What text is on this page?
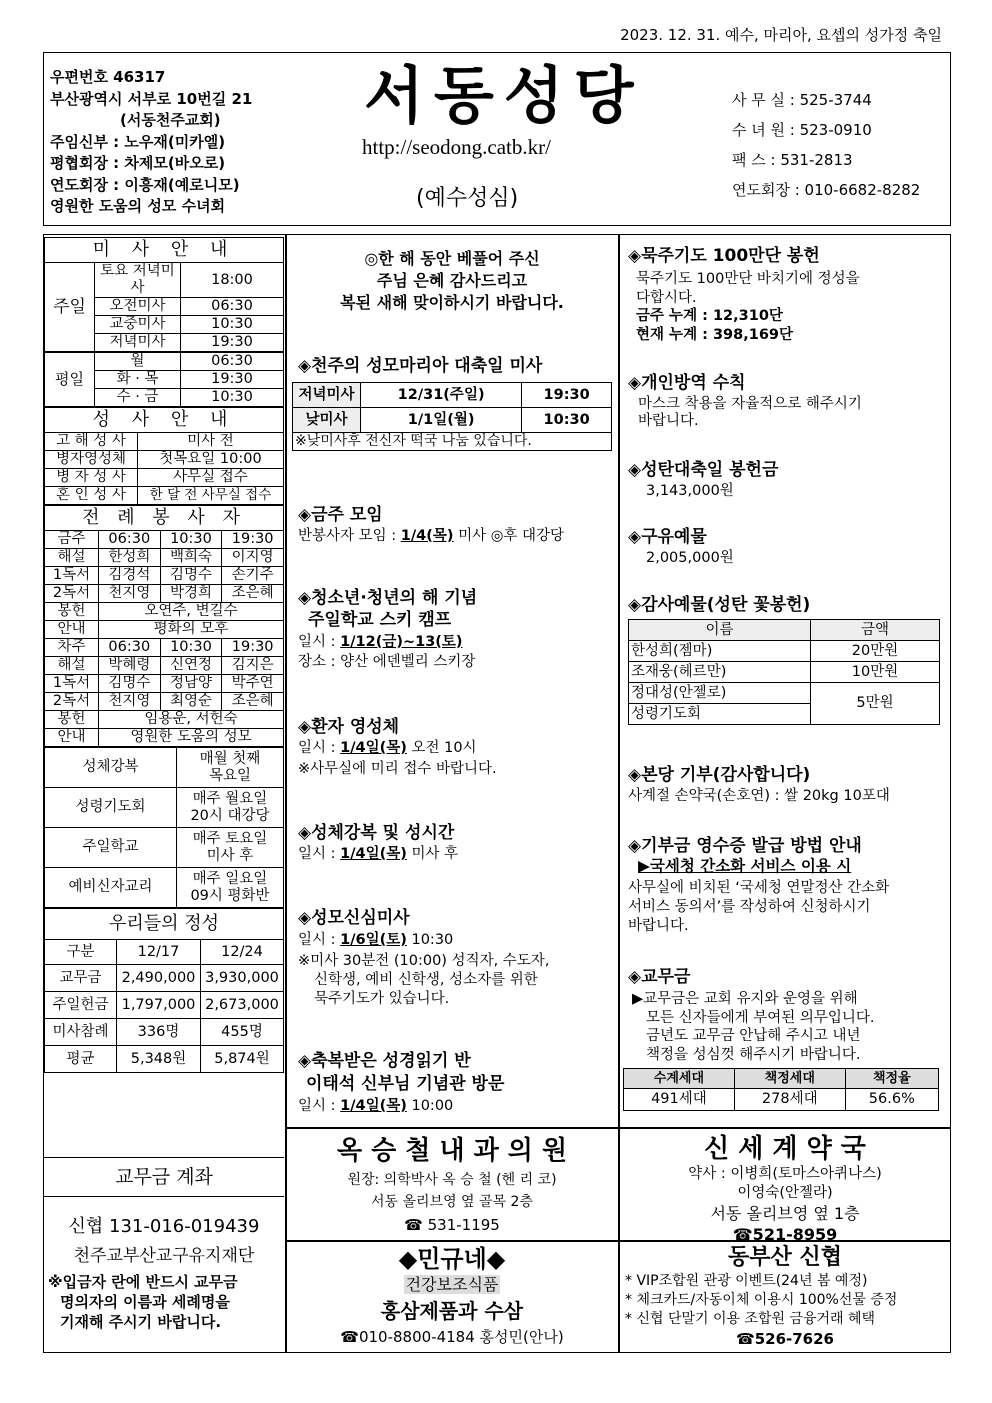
2023. 12. 31. 예수, 마리아, 요셉의 성가정 축일
우편번호 46317
부산광역시 서부로 10번길 21
(서동천주교회)
주임신부 : 노우재(미카엘)
평협회장 : 차제모(바오로)
연도회장 : 이흥재(예로니모)
영원한 도움의 성모 수녀회
서동성당
http://seodong.catb.kr/
(예수성심)
사 무 실 : 525-3744
수 녀 원 : 523-0910
팩 스 : 531-2813
연도회장 : 010-6682-8282
미 사 안 내		
주일	토요 저녁미사	18:00
	오전미사	06:30
	교중미사	10:30
	저녁미사	19:30
평일	월	06:30
	화 · 목	19:30
	수 · 금	10:30
성 사 안 내	
고 해 성 사	미사 전
병자영성체	첫목요일 10:00
병 자 성 사	사무실 접수
혼 인 성 사	한 달 전 사무실 접수
전 례 봉 사 자			
금주	06:30	10:30	19:30
해설	한성희	백희숙	이지영
1독서	김경석	김명수	손기주
2독서	천지영	박경희	조은혜
봉헌	오연주, 변길수		
안내	평화의 모후		
차주	06:30	10:30	19:30
해설	박혜령	신연정	김지은
1독서	김명수	정남양	박주연
2독서	천지영	최영순	조은혜
봉헌	임용운, 서헌숙		
안내	영원한 도움의 성모		
성체강복	매월 첫째 목요일
성령기도회	매주 월요일 20시 대강당
주일학교	매주 토요일 미사 후
예비신자교리	매주 일요일 09시 평화반
우리들의 정성		
구분	12/17	12/24
교무금	2,490,000	3,930,000
주일헌금	1,797,000	2,673,000
미사참례	336명	455명
평균	5,348원	5,874원
교무금 계좌
신협 131-016-019439
천주교부산교구유지재단
※입금자 란에 반드시 교무금
명의자의 이름과 세례명을
기재해 주시기 바랍니다.
◎한 해 동안 베풀어 주신
주님 은혜 감사드리고
복된 새해 맞이하시기 바랍니다.
◈천주의 성모마리아 대축일 미사
저녁미사	12/31(주일)	19:30
낮미사	1/1일(월)	10:30
※낮미사후 전신자 떡국 나눔 있습니다.		
◈금주 모임
반봉사자 모임 : 1/4(목) 미사 ◎후 대강당
◈청소년·청년의 해 기념
주일학교 스키 캠프
일시 : 1/12(금)~13(토)
장소 : 양산 에덴벨리 스키장
◈환자 영성체
일시 : 1/4일(목) 오전 10시
※사무실에 미리 접수 바랍니다.
◈성체강복 및 성시간
일시 : 1/4일(목) 미사 후
◈성모신심미사
일시 : 1/6일(토) 10:30
※미사 30분전 (10:00) 성직자, 수도자,
신학생, 예비 신학생, 성소자를 위한
묵주기도가 있습니다.
◈축복받은 성경읽기 반
이태석 신부님 기념관 방문
일시 : 1/4일(목) 10:00
◈묵주기도 100만단 봉헌
묵주기도 100만단 바치기에 정성을
다합시다.
금주 누계 : 12,310단
현재 누계 : 398,169단
◈개인방역 수칙
마스크 착용을 자율적으로 해주시기
바랍니다.
◈성탄대축일 봉헌금
3,143,000원
◈구유예물
2,005,000원
◈감사예물(성탄 꽃봉헌)
이름	금액
한성희(젬마)	20만원
조재웅(헤르만)	10만원
정대성(안젤로)	5만원
성령기도회	
◈본당 기부(감사합니다)
사계절 손약국(손호연) : 쌀 20kg 10포대
◈기부금 영수증 발급 방법 안내
▶국세청 간소화 서비스 이용 시
사무실에 비치된 ‘국세청 연말정산 간소화
서비스 동의서’를 작성하여 신청하시기
바랍니다.
◈교무금
▶교무금은 교회 유지와 운영을 위해
모든 신자들에게 부여된 의무입니다.
금년도 교무금 안납해 주시고 내년
책정을 성심껏 해주시기 바랍니다.
수계세대	책정세대	책정율
491세대	278세대	56.6%
옥 승 철 내 과 의 원
원장: 의학박사 옥 승 철 (헨 리 코)
서동 올리브영 옆 골목 2층
☎ 531-1195
신 세 계 약 국
약사 : 이병희(토마스아퀴나스)
이영숙(안젤라)
서동 올리브영 옆 1층
☎521-8959
◆민규네◆
건강보조식품
홍삼제품과 수삼
☎010-8800-4184 홍성민(안나)
동부산 신협
* VIP조합원 관광 이벤트(24년 봄 예정)
* 체크카드/자동이체 이용시 100%선물 증정
* 신협 단말기 이용 조합원 금융거래 혜택
☎526-7626
